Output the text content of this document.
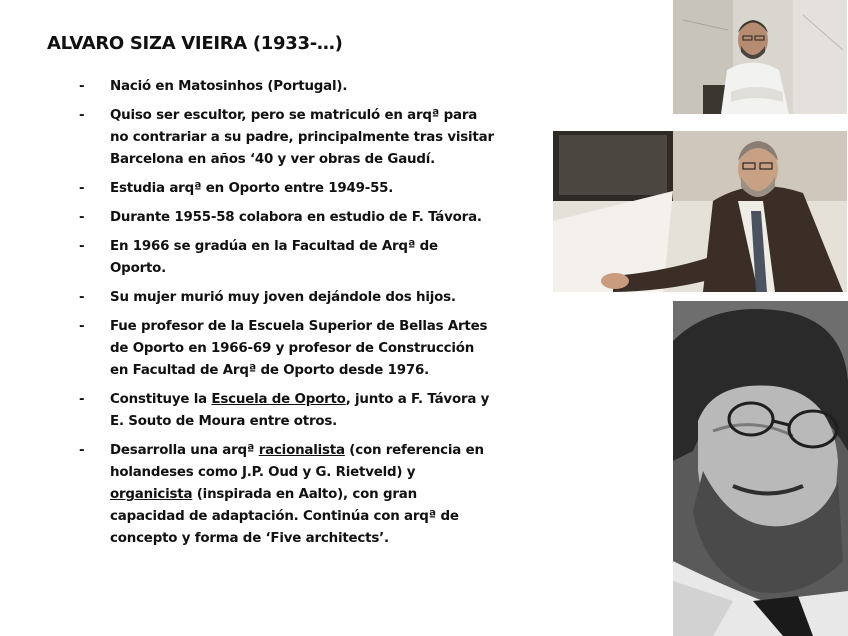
ALVARO SIZA VIEIRA (1933-…)
- Nació en Matosinhos (Portugal).
- Quiso ser escultor, pero se matriculó en arqª para no contrariar a su padre, principalmente tras visitar Barcelona en años ‘40 y ver obras de Gaudí.
- Estudia arqª en Oporto entre 1949-55.
- Durante 1955-58 colabora en estudio de F. Távora.
- En 1966 se gradúa en la Facultad de Arqª de Oporto.
- Su mujer murió muy joven dejándole dos hijos.
- Fue profesor de la Escuela Superior de Bellas Artes de Oporto en 1966-69 y profesor de Construcción en Facultad de Arqª de Oporto desde 1976.
- Constituye la Escuela de Oporto, junto a F. Távora y E. Souto de Moura entre otros.
- Desarrolla una arqª racionalista (con referencia en holandeses como J.P. Oud y G. Rietveld) y organicista (inspirada en Aalto), con gran capacidad de adaptación. Continúa con arqª de concepto y forma de ‘Five architects’.
